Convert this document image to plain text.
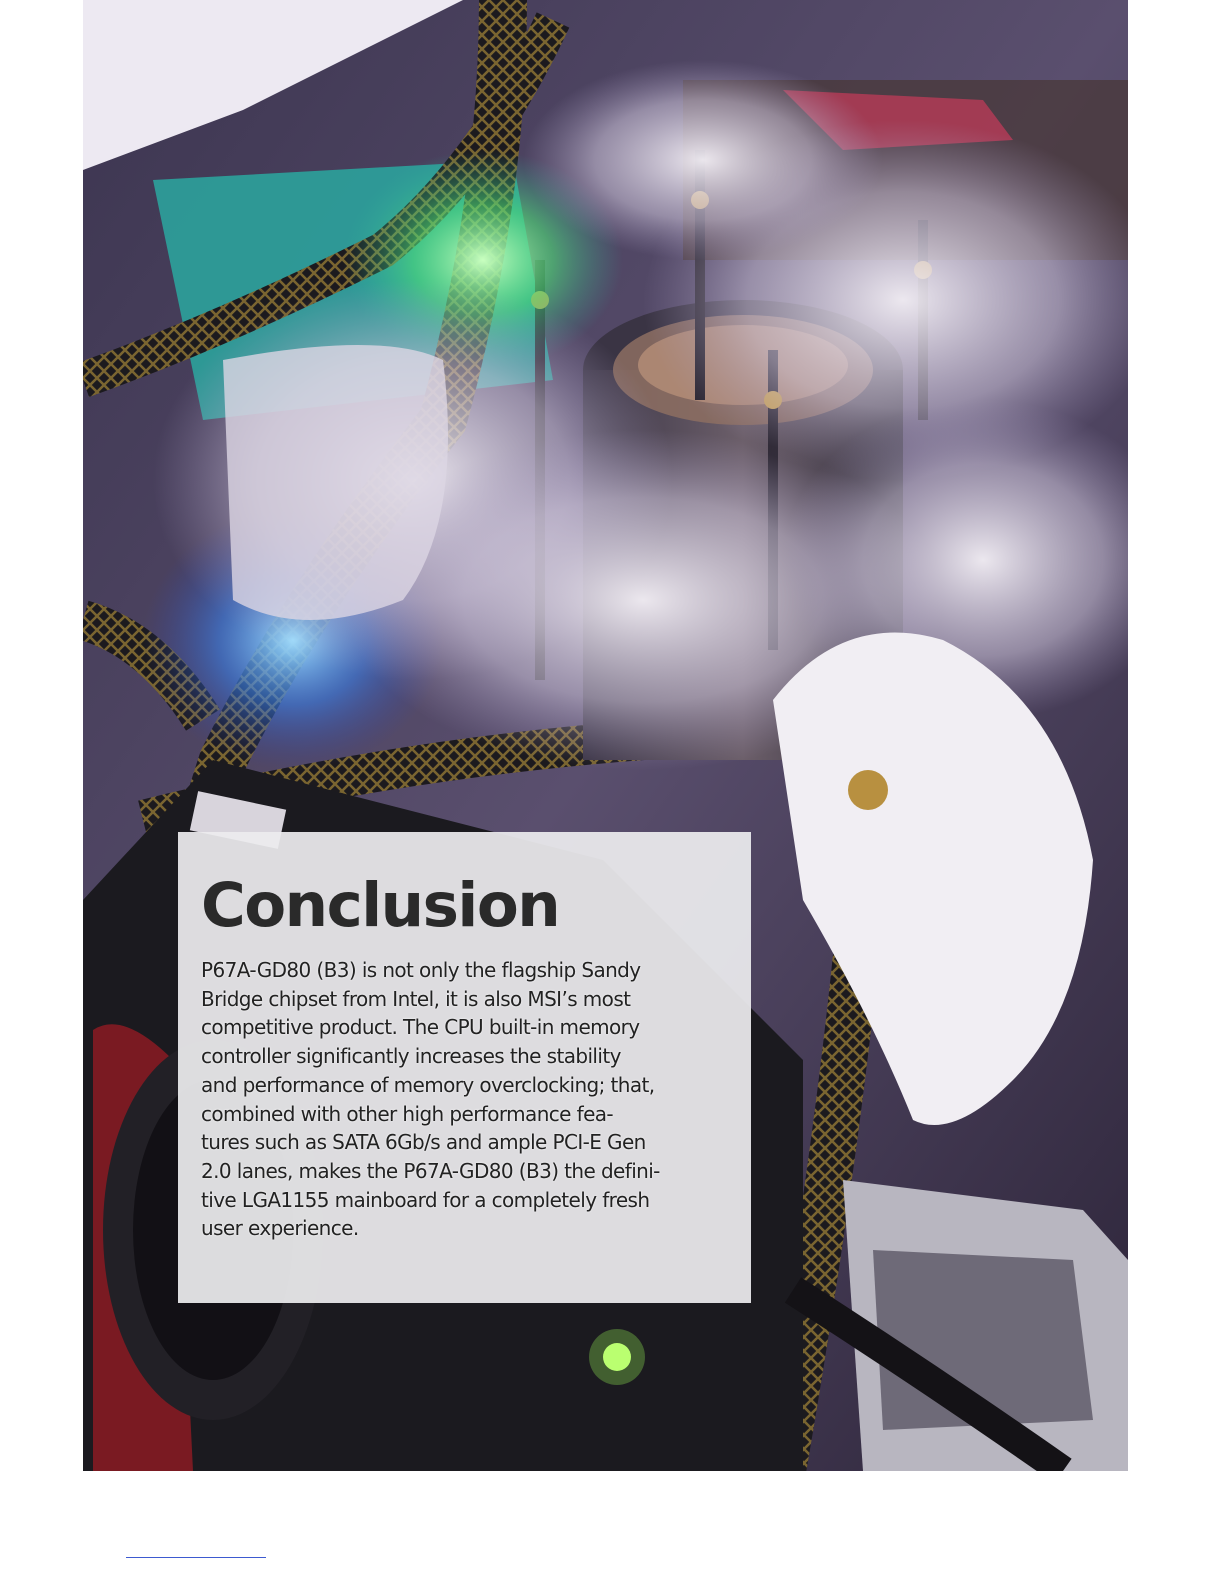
Conclusion

P67A-GD80 (B3) is not only the flagship Sandy
Bridge chipset from Intel, it is also MSI’s most
competitive product. The CPU built-in memory
controller significantly increases the stability
and performance of memory overclocking; that,
combined with other high performance fea-
tures such as SATA 6Gb/s and ample PCI-E Gen
2.0 lanes, makes the P67A-GD80 (B3) the defini-
tive LGA1155 mainboard for a completely fresh
user experience.
